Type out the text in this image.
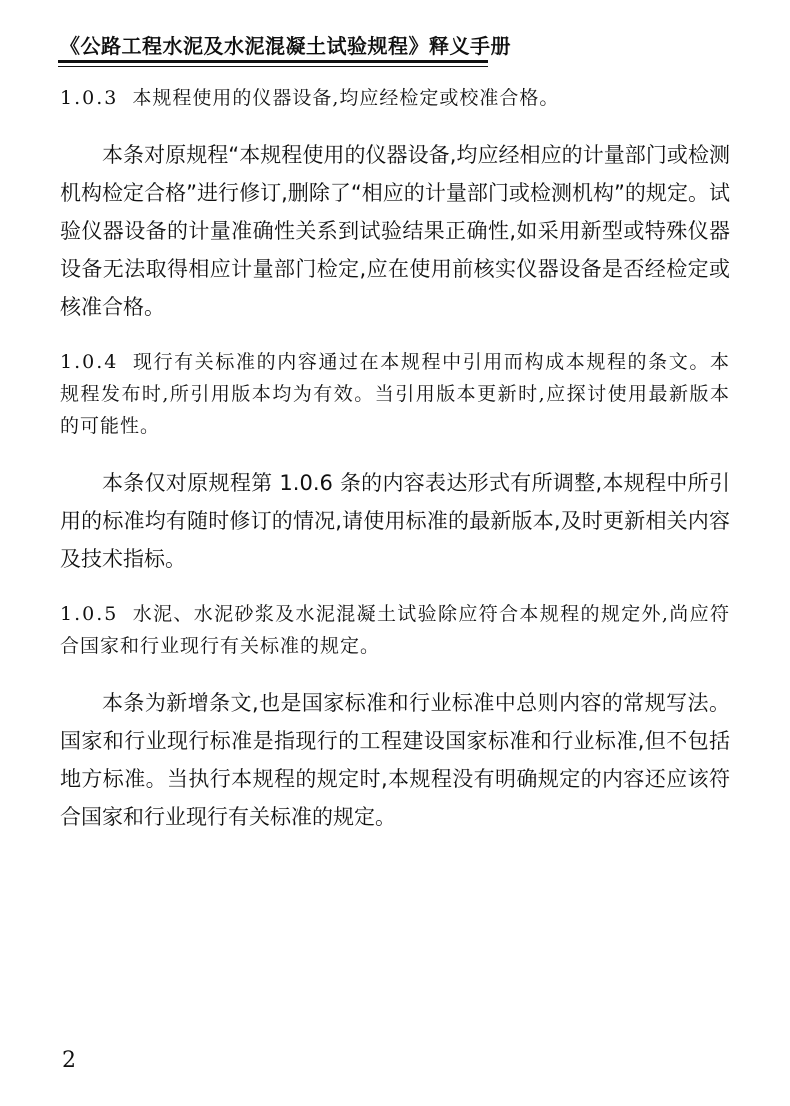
《公路工程水泥及水泥混凝土试验规程》释义手册

1.0.3 本规程使用的仪器设备,均应经检定或校准合格。

本条对原规程“本规程使用的仪器设备,均应经相应的计量部门或检测机构检定合格”进行修订,删除了“相应的计量部门或检测机构”的规定。试验仪器设备的计量准确性关系到试验结果正确性,如采用新型或特殊仪器设备无法取得相应计量部门检定,应在使用前核实仪器设备是否经检定或核准合格。

1.0.4 现行有关标准的内容通过在本规程中引用而构成本规程的条文。本规程发布时,所引用版本均为有效。当引用版本更新时,应探讨使用最新版本的可能性。

本条仅对原规程第 1.0.6 条的内容表达形式有所调整,本规程中所引用的标准均有随时修订的情况,请使用标准的最新版本,及时更新相关内容及技术指标。

1.0.5 水泥、水泥砂浆及水泥混凝土试验除应符合本规程的规定外,尚应符合国家和行业现行有关标准的规定。

本条为新增条文,也是国家标准和行业标准中总则内容的常规写法。国家和行业现行标准是指现行的工程建设国家标准和行业标准,但不包括地方标准。当执行本规程的规定时,本规程没有明确规定的内容还应该符合国家和行业现行有关标准的规定。

2
